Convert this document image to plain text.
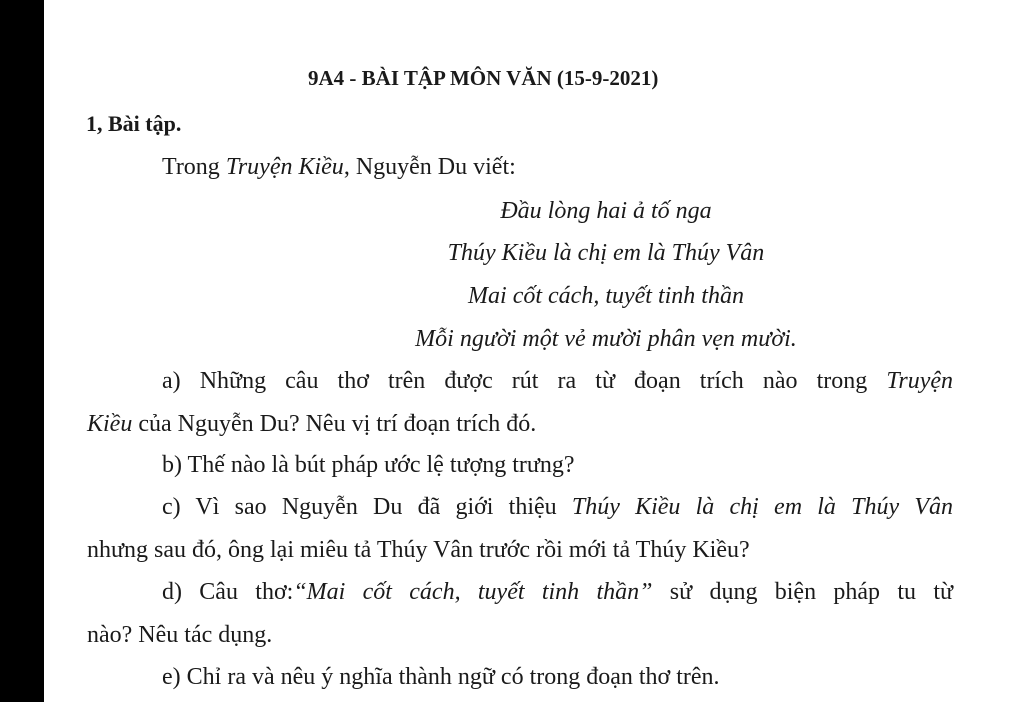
9A4 - BÀI TẬP MÔN VĂN (15-9-2021)
1, Bài tập.
Trong Truyện Kiều, Nguyễn Du viết:
Đầu lòng hai ả tố nga
Thúy Kiều là chị em là Thúy Vân
Mai cốt cách, tuyết tinh thần
Mỗi người một vẻ mười phân vẹn mười.
a) Những câu thơ trên được rút ra từ đoạn trích nào trong Truyện
Kiều của Nguyễn Du? Nêu vị trí đoạn trích đó.
b) Thế nào là bút pháp ước lệ tượng trưng?
c) Vì sao Nguyễn Du đã giới thiệu Thúy Kiều là chị em là Thúy Vân
nhưng sau đó, ông lại miêu tả Thúy Vân trước rồi mới tả Thúy Kiều?
d) Câu thơ:“Mai cốt cách, tuyết tinh thần” sử dụng biện pháp tu từ
nào? Nêu tác dụng.
e) Chỉ ra và nêu ý nghĩa thành ngữ có trong đoạn thơ trên.
